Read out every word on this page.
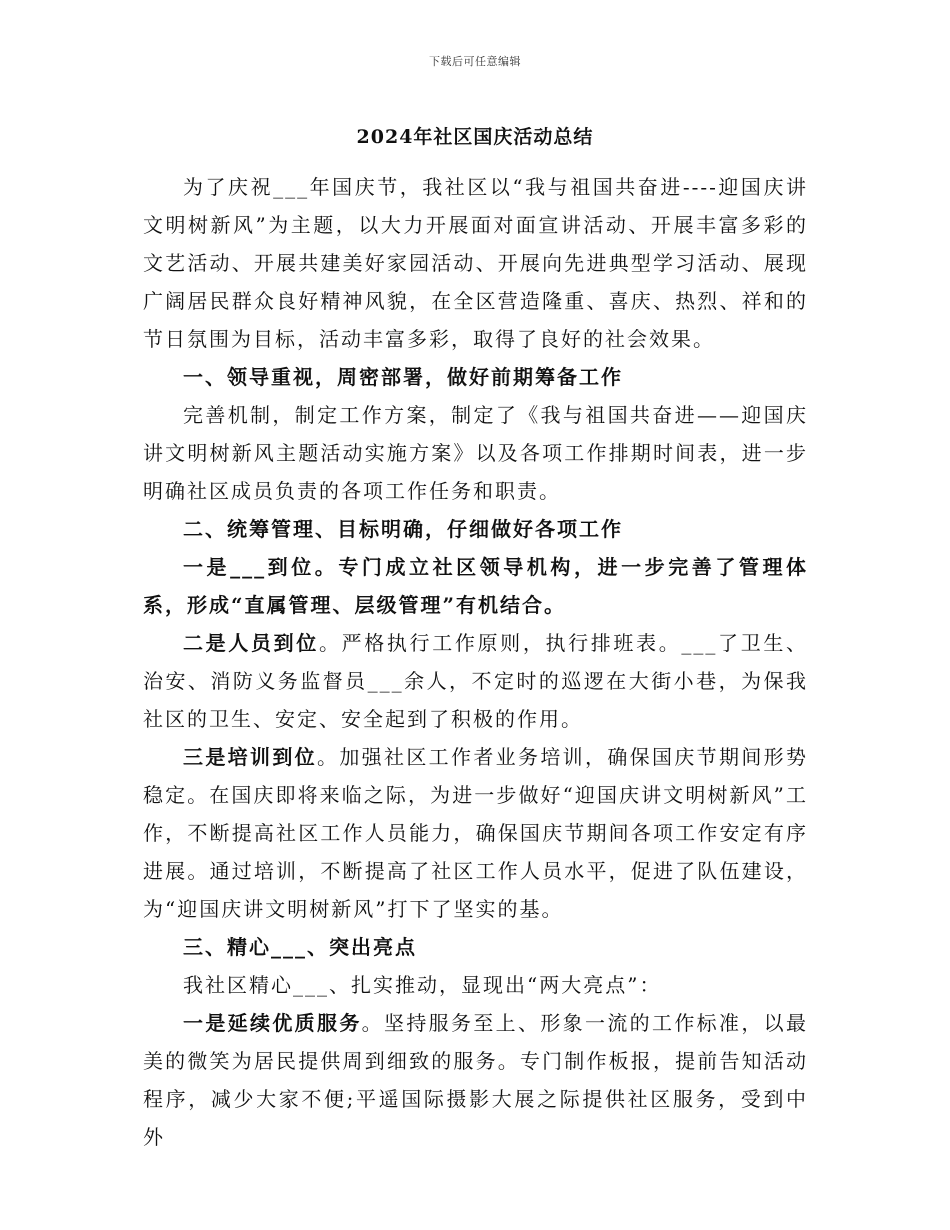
下载后可任意编辑
2024年社区国庆活动总结

为了庆祝___年国庆节，我社区以“我与祖国共奋进----迎国庆讲文明树新风”为主题，以大力开展面对面宣讲活动、开展丰富多彩的文艺活动、开展共建美好家园活动、开展向先进典型学习活动、展现广阔居民群众良好精神风貌，在全区营造隆重、喜庆、热烈、祥和的节日氛围为目标，活动丰富多彩，取得了良好的社会效果。

一、领导重视，周密部署，做好前期筹备工作

完善机制，制定工作方案，制定了《我与祖国共奋进——迎国庆讲文明树新风主题活动实施方案》以及各项工作排期时间表，进一步明确社区成员负责的各项工作任务和职责。

二、统筹管理、目标明确，仔细做好各项工作

一是___到位。专门成立社区领导机构，进一步完善了管理体系，形成“直属管理、层级管理”有机结合。

二是人员到位。严格执行工作原则，执行排班表。___了卫生、治安、消防义务监督员___余人，不定时的巡逻在大街小巷，为保我社区的卫生、安定、安全起到了积极的作用。

三是培训到位。加强社区工作者业务培训，确保国庆节期间形势稳定。在国庆即将来临之际，为进一步做好“迎国庆讲文明树新风”工作，不断提高社区工作人员能力，确保国庆节期间各项工作安定有序进展。通过培训，不断提高了社区工作人员水平，促进了队伍建设，为“迎国庆讲文明树新风”打下了坚实的基。

三、精心___、突出亮点

我社区精心___、扎实推动，显现出“两大亮点”：

一是延续优质服务。坚持服务至上、形象一流的工作标准，以最美的微笑为居民提供周到细致的服务。专门制作板报，提前告知活动程序，减少大家不便;平遥国际摄影大展之际提供社区服务，受到中外
